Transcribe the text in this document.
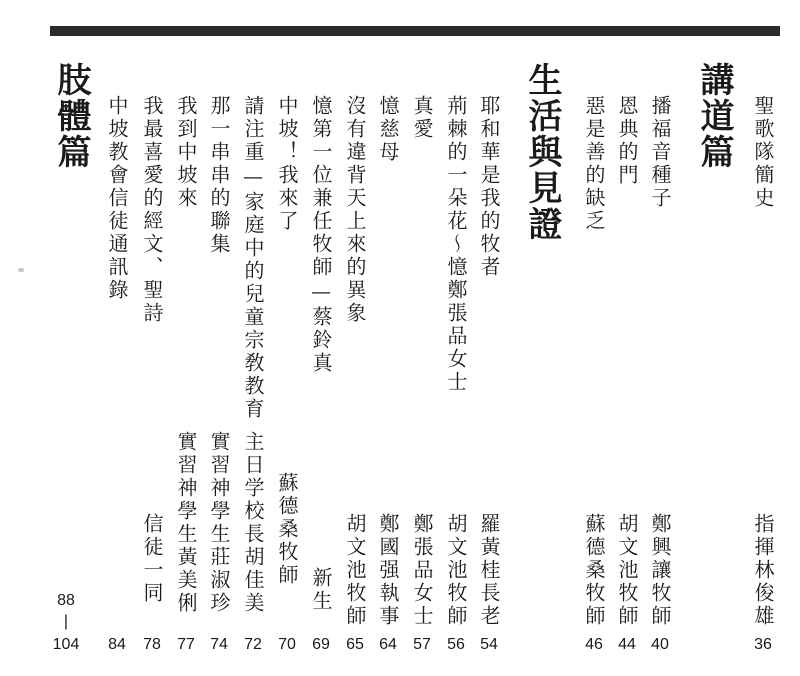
聖歌隊簡史
指揮林俊雄
36
講道篇
播福音種子
鄭興讓牧師
40
恩典的門
胡文池牧師
44
惡是善的缺乏
蘇德桑牧師
46
生活與見證
耶和華是我的牧者
羅黃桂長老
54
荊棘的一朵花〜憶鄭張品女士
胡文池牧師
56
真愛
鄭張品女士
57
憶慈母
鄭國强執事
64
沒有違背天上來的異象
胡文池牧師
65
憶第一位兼任牧師—蔡鈴真
新生
69
中坡！我來了
蘇德桑牧師
70
請注重—家庭中的兒童宗敎教育
主日学校長胡佳美
72
那一串串的聯集
實習神學生莊淑珍
74
我到中坡來
實習神學生黃美俐
77
我最喜愛的經文、聖詩
信徒一同
78
中坡教會信徒通訊錄
84
肢體篇
88
|
104
